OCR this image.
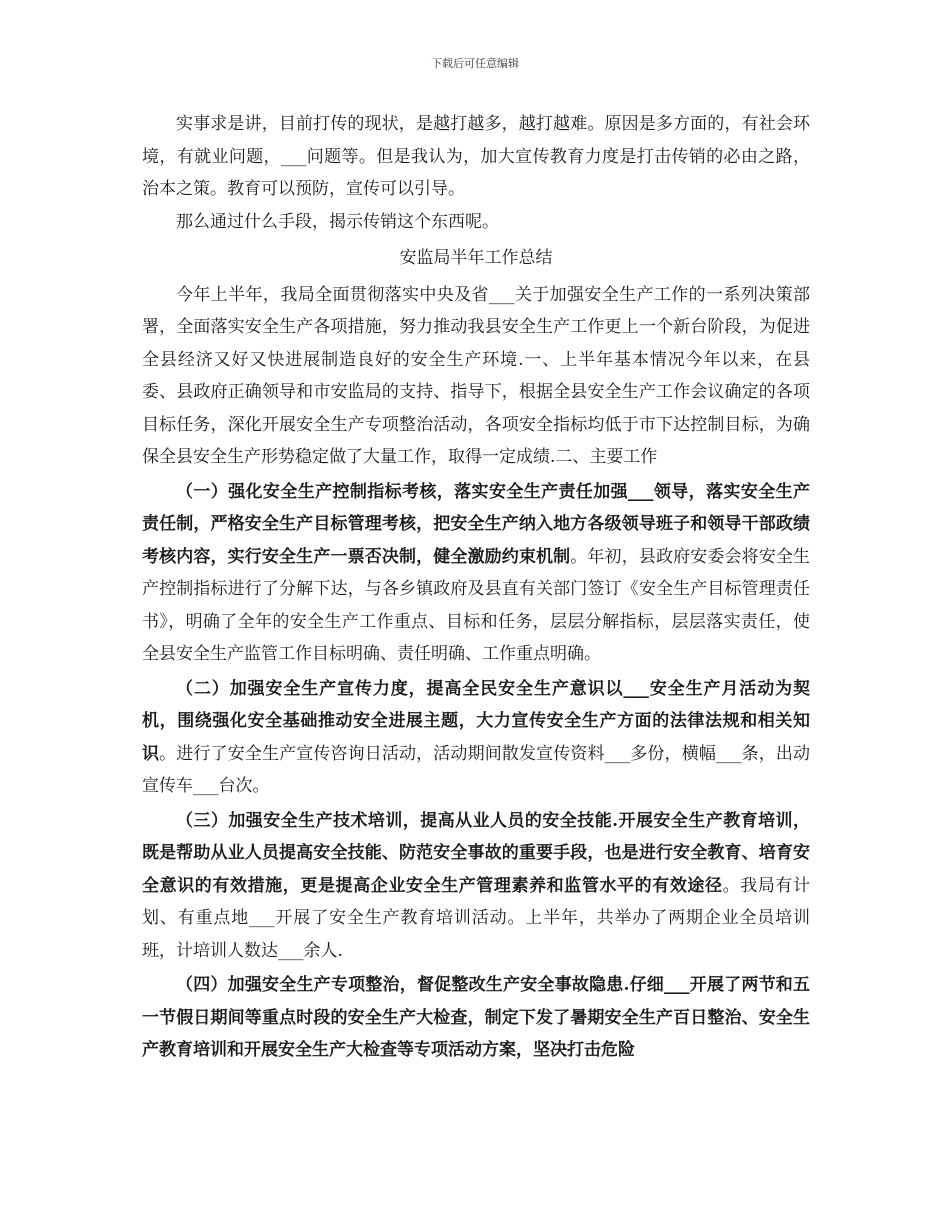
下载后可任意编辑

实事求是讲，目前打传的现状，是越打越多，越打越难。原因是多方面的，有社会环境，有就业问题，___问题等。但是我认为，加大宣传教育力度是打击传销的必由之路，治本之策。教育可以预防，宣传可以引导。

那么通过什么手段，揭示传销这个东西呢。

安监局半年工作总结

今年上半年，我局全面贯彻落实中央及省___关于加强安全生产工作的一系列决策部署，全面落实安全生产各项措施，努力推动我县安全生产工作更上一个新台阶段，为促进全县经济又好又快进展制造良好的安全生产环境.一、上半年基本情况今年以来，在县委、县政府正确领导和市安监局的支持、指导下，根据全县安全生产工作会议确定的各项目标任务，深化开展安全生产专项整治活动，各项安全指标均低于市下达控制目标，为确保全县安全生产形势稳定做了大量工作，取得一定成绩.二、主要工作

（一）强化安全生产控制指标考核，落实安全生产责任加强___领导，落实安全生产责任制，严格安全生产目标管理考核，把安全生产纳入地方各级领导班子和领导干部政绩考核内容，实行安全生产一票否决制，健全激励约束机制。年初，县政府安委会将安全生产控制指标进行了分解下达，与各乡镇政府及县直有关部门签订《安全生产目标管理责任书》，明确了全年的安全生产工作重点、目标和任务，层层分解指标，层层落实责任，使全县安全生产监管工作目标明确、责任明确、工作重点明确。

（二）加强安全生产宣传力度，提高全民安全生产意识以___安全生产月活动为契机，围绕强化安全基础推动安全进展主题，大力宣传安全生产方面的法律法规和相关知识。进行了安全生产宣传咨询日活动，活动期间散发宣传资料___多份，横幅___条，出动宣传车___台次。

（三）加强安全生产技术培训，提高从业人员的安全技能.开展安全生产教育培训，既是帮助从业人员提高安全技能、防范安全事故的重要手段，也是进行安全教育、培育安全意识的有效措施，更是提高企业安全生产管理素养和监管水平的有效途径。我局有计划、有重点地___开展了安全生产教育培训活动。上半年，共举办了两期企业全员培训班，计培训人数达___余人.

（四）加强安全生产专项整治，督促整改生产安全事故隐患.仔细___开展了两节和五一节假日期间等重点时段的安全生产大检查，制定下发了暑期安全生产百日整治、安全生产教育培训和开展安全生产大检查等专项活动方案，坚决打击危险
